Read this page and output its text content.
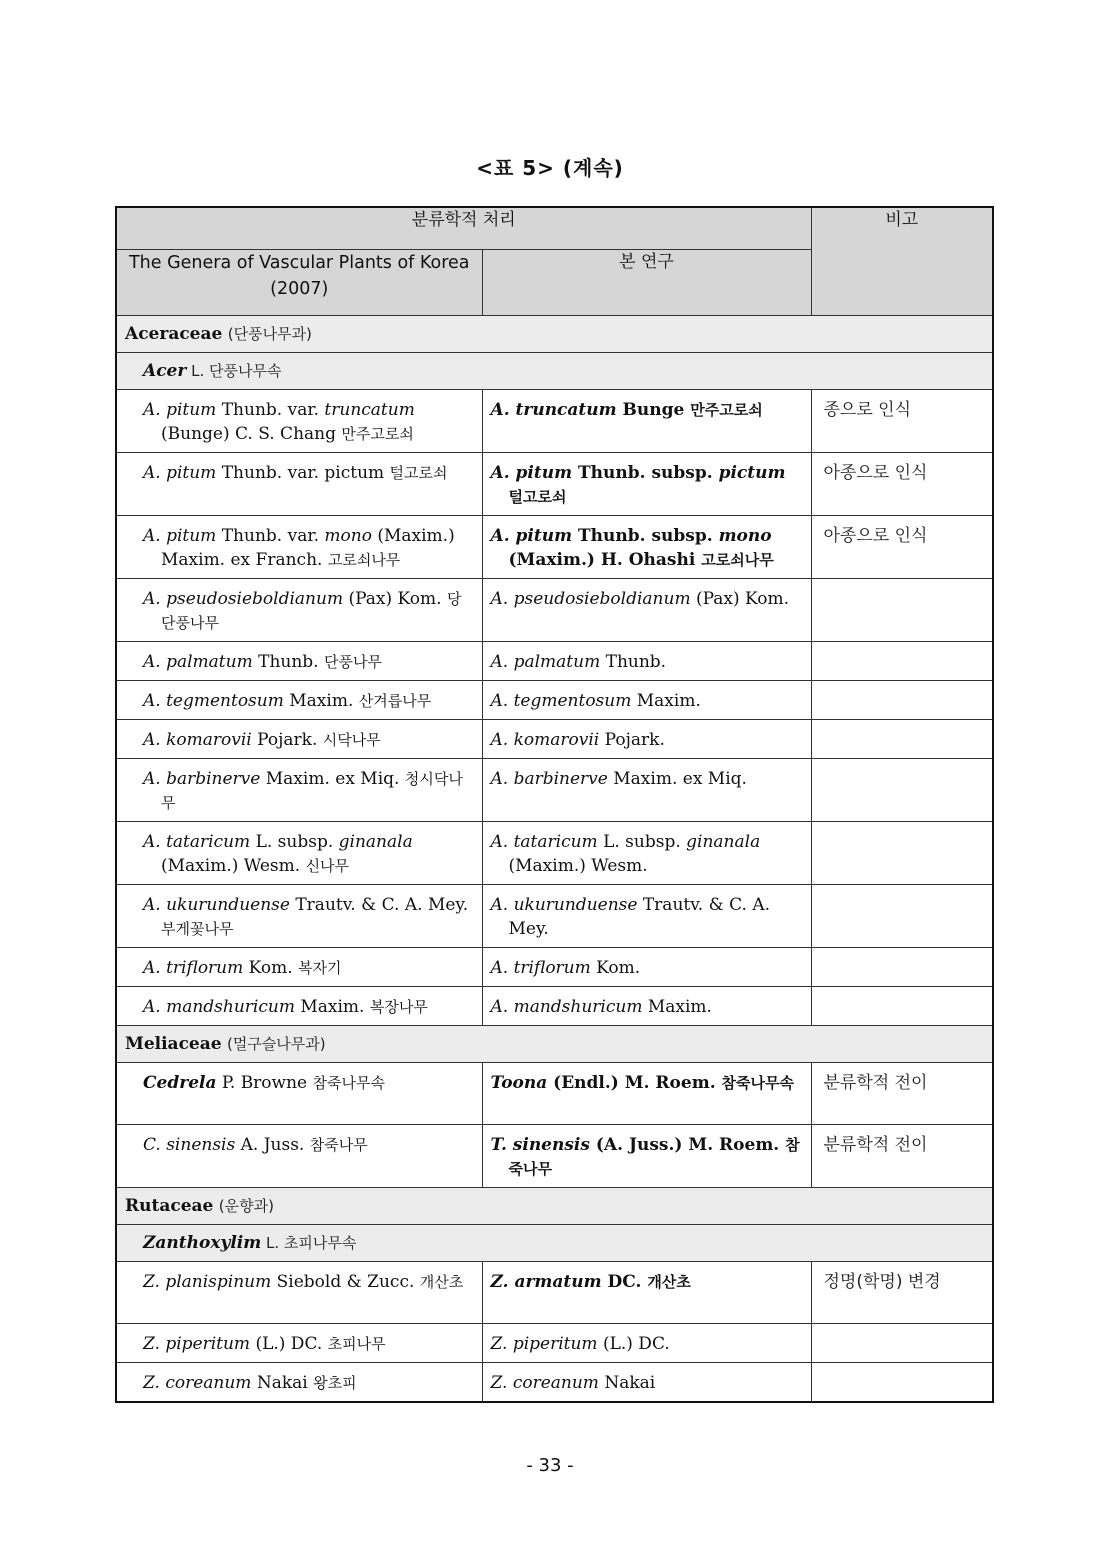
<표 5> (계속)
분류학적 처리		비고
The Genera of Vascular Plants of Korea (2007)	본 연구	
Aceraceae (단풍나무과)		
Acer L. 단풍나무속		

A. pitum Thunb. var. truncatum (Bunge) C. S. Chang 만주고로쇠	A. truncatum Bunge 만주고로쇠	종으로 인식

A. pitum Thunb. var. pictum 털고로쇠	A. pitum Thunb. subsp. pictum 털고로쇠	아종으로 인식

A. pitum Thunb. var. mono (Maxim.) Maxim. ex Franch. 고로쇠나무	A. pitum Thunb. subsp. mono (Maxim.) H. Ohashi 고로쇠나무	아종으로 인식

A. pseudosieboldianum (Pax) Kom. 당단풍나무	A. pseudosieboldianum (Pax) Kom.	

A. palmatum Thunb. 단풍나무	A. palmatum Thunb.	

A. tegmentosum Maxim. 산겨릅나무	A. tegmentosum Maxim.	

A. komarovii Pojark. 시닥나무	A. komarovii Pojark.	

A. barbinerve Maxim. ex Miq. 청시닥나무	A. barbinerve Maxim. ex Miq.	

A. tataricum L. subsp. ginanala (Maxim.) Wesm. 신나무	A. tataricum L. subsp. ginanala (Maxim.) Wesm.	

A. ukurunduense Trautv. & C. A. Mey. 부게꽃나무	A. ukurunduense Trautv. & C. A. Mey.	

A. triflorum Kom. 복자기	A. triflorum Kom.	

A. mandshuricum Maxim. 복장나무	A. mandshuricum Maxim.	

Meliaceae (멀구슬나무과)		

Cedrela P. Browne 참죽나무속	Toona (Endl.) M. Roem. 참죽나무속	분류학적 전이

C. sinensis A. Juss. 참죽나무	T. sinensis (A. Juss.) M. Roem. 참죽나무	분류학적 전이
Rutaceae (운향과)		
Zanthoxylim L. 초피나무속		

Z. planispinum Siebold & Zucc. 개산초	Z. armatum DC. 개산초	정명(학명) 변경

Z. piperitum (L.) DC. 초피나무	Z. piperitum (L.) DC.	

Z. coreanum Nakai 왕초피	Z. coreanum Nakai	

- 33 -
